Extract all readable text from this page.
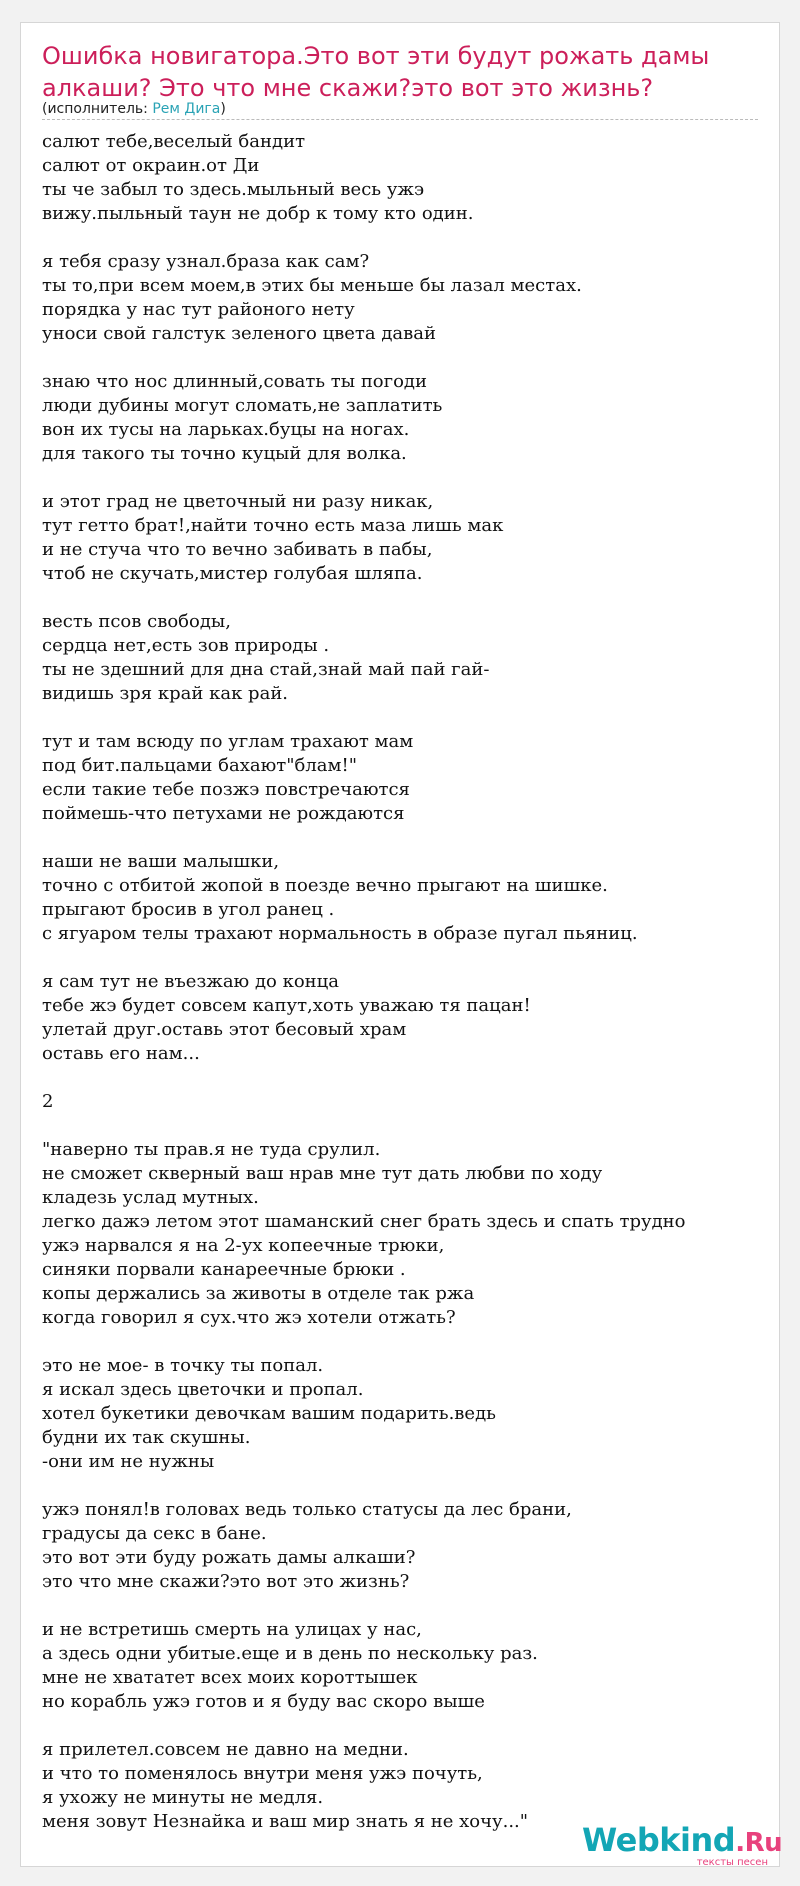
Ошибка новигатора.Это вот эти будут рожать дамы
алкаши? Это что мне скажи?это вот это жизнь?
(исполнитель: Рем Дига)
салют тебе,веселый бандит
салют от окраин.от Ди
ты че забыл то здесь.мыльный весь ужэ
вижу.пыльный таун не добр к тому кто один.
я тебя сразу узнал.браза как сам?
ты то,при всем моем,в этих бы меньше бы лазал местах.
порядка у нас тут районого нету
уноси свой галстук зеленого цвета давай
знаю что нос длинный,совать ты погоди
люди дубины могут сломать,не заплатить
вон их тусы на ларьках.буцы на ногах.
для такого ты точно куцый для волка.
и этот град не цветочный ни разу никак,
тут гетто брат!,найти точно есть маза лишь мак
и не стуча что то вечно забивать в пабы,
чтоб не скучать,мистер голубая шляпа.
весть псов свободы,
сердца нет,есть зов природы .
ты не здешний для дна стай,знай май пай гай-
видишь зря край как рай.
тут и там всюду по углам трахают мам
под бит.пальцами бахают"блам!"
если такие тебе позжэ повстречаются
поймешь-что петухами не рождаются
наши не ваши малышки,
точно с отбитой жопой в поезде вечно прыгают на шишке.
прыгают бросив в угол ранец .
с ягуаром телы трахают нормальность в образе пугал пьяниц.
я сам тут не въезжаю до конца
тебе жэ будет совсем капут,хоть уважаю тя пацан!
улетай друг.оставь этот бесовый храм
оставь его нам...
2
"наверно ты прав.я не туда срулил.
не сможет скверный ваш нрав мне тут дать любви по ходу
кладезь услад мутных.
легко дажэ летом этот шаманский снег брать здесь и спать трудно
ужэ нарвался я на 2-ух копеечные трюки,
синяки порвали канареечные брюки .
копы держались за животы в отделе так ржа
когда говорил я сух.что жэ хотели отжать?
это не мое- в точку ты попал.
я искал здесь цветочки и пропал.
хотел букетики девочкам вашим подарить.ведь
будни их так скушны.
-они им не нужны
ужэ понял!в головах ведь только статусы да лес брани,
градусы да секс в бане.
это вот эти буду рожать дамы алкаши?
это что мне скажи?это вот это жизнь?
и не встретишь смерть на улицах у нас,
а здесь одни убитые.еще и в день по нескольку раз.
мне не хвататет всех моих короттышек
но корабль ужэ готов и я буду вас скоро выше
я прилетел.совсем не давно на медни.
и что то поменялось внутри меня ужэ почуть,
я ухожу не минуты не медля.
меня зовут Незнайка и ваш мир знать я не хочу..."	Webkind.Ru
тексты песен
